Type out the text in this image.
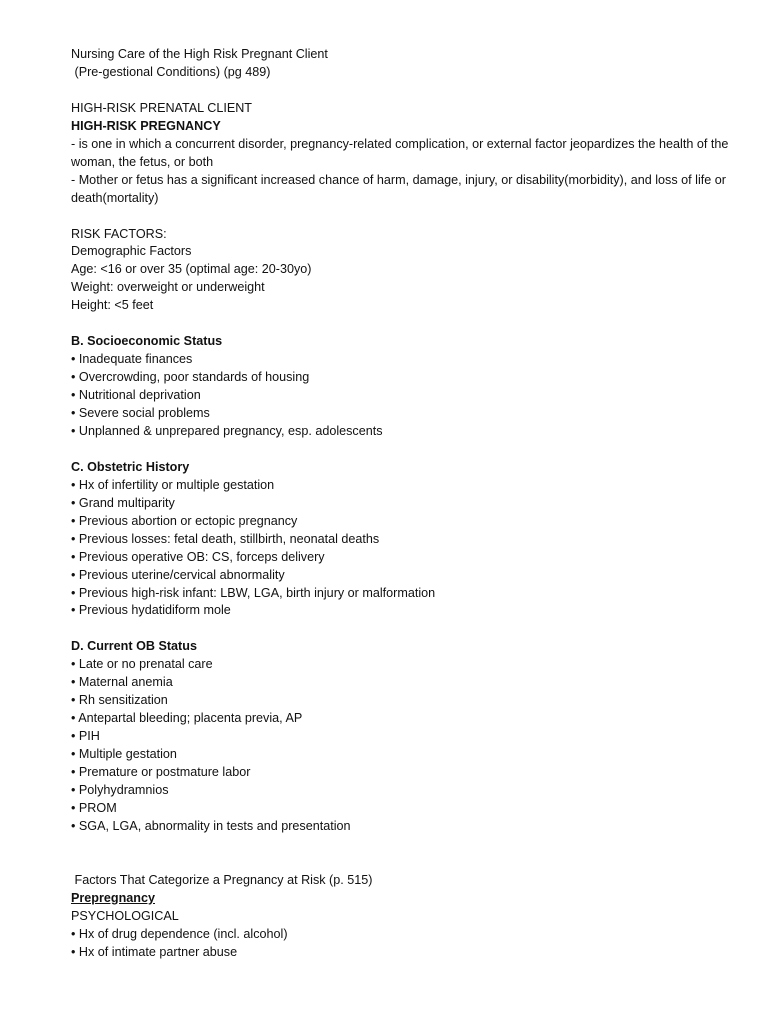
Nursing Care of the High Risk Pregnant Client
(Pre-gestional Conditions) (pg 489)
HIGH-RISK PRENATAL CLIENT
HIGH-RISK PREGNANCY
- is one in which a concurrent disorder, pregnancy-related complication, or external factor jeopardizes the health of the woman, the fetus, or both
- Mother or fetus has a significant increased chance of harm, damage, injury, or disability(morbidity), and loss of life or death(mortality)
RISK FACTORS:
Demographic Factors
Age: <16 or over 35 (optimal age: 20-30yo)
Weight: overweight or underweight
Height: <5 feet
B. Socioeconomic Status
• Inadequate finances
• Overcrowding, poor standards of housing
• Nutritional deprivation
• Severe social problems
• Unplanned & unprepared pregnancy, esp. adolescents
C. Obstetric History
• Hx of infertility or multiple gestation
• Grand multiparity
• Previous abortion or ectopic pregnancy
• Previous losses: fetal death, stillbirth, neonatal deaths
• Previous operative OB: CS, forceps delivery
• Previous uterine/cervical abnormality
• Previous high-risk infant: LBW, LGA, birth injury or malformation
• Previous hydatidiform mole
D. Current OB Status
• Late or no prenatal care
• Maternal anemia
• Rh sensitization
• Antepartal bleeding; placenta previa, AP
• PIH
• Multiple gestation
• Premature or postmature labor
• Polyhydramnios
• PROM
• SGA, LGA, abnormality in tests and presentation
Factors That Categorize a Pregnancy at Risk (p. 515)
Prepregnancy
PSYCHOLOGICAL
• Hx of drug dependence (incl. alcohol)
• Hx of intimate partner abuse
